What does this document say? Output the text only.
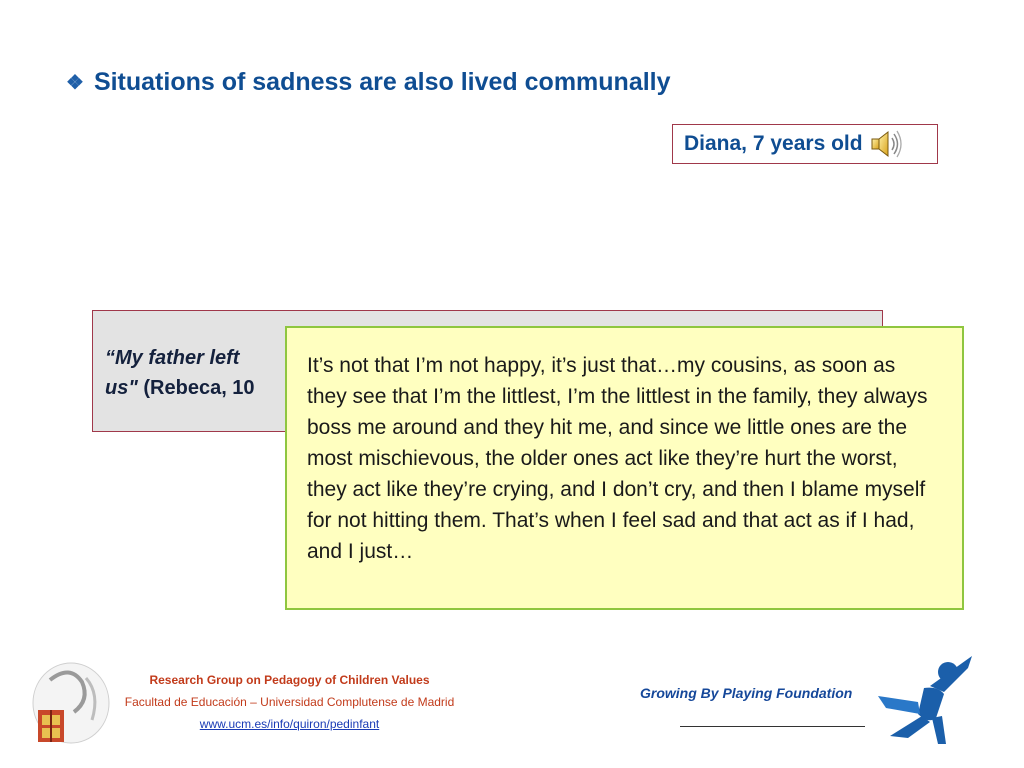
❖ Situations of sadness are also lived communally
Diana, 7 years old
“My father left
us" (Rebeca, 10
It’s not that I’m not happy, it’s just that…my cousins, as soon as they see that I’m the littlest, I’m the littlest in the family, they always boss me around and they hit me, and since we little ones are the most mischievous, the older ones act like they’re hurt the worst, they act like they’re crying, and I don’t cry, and then I blame myself for not hitting them. That’s when I feel sad and that act as if I had, and I just…
Research Group on Pedagogy of Children Values
Facultad de Educación – Universidad Complutense de Madrid
www.ucm.es/info/quiron/pedinfant
Growing By Playing Foundation
